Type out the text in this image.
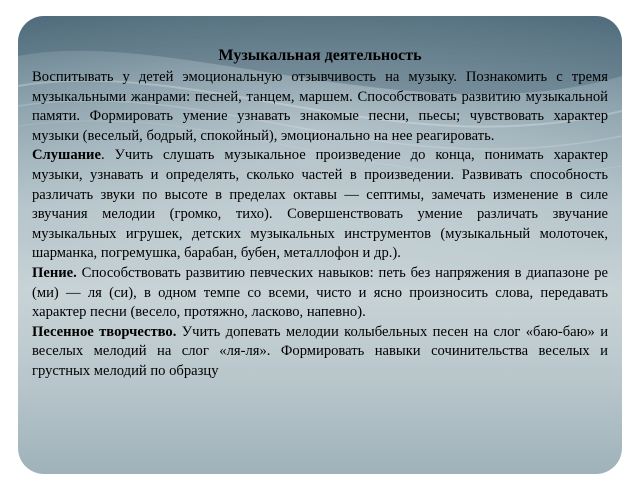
Музыкальная деятельность

Воспитывать у детей эмоциональную отзывчивость на музыку. Познакомить с тремя музыкальными жанрами: песней, танцем, маршем. Способствовать развитию музыкальной памяти. Формировать умение узнавать знакомые песни, пьесы; чувствовать характер музыки (веселый, бодрый, спокойный), эмоционально на нее реагировать.

Слушание. Учить слушать музыкальное произведение до конца, понимать характер музыки, узнавать и определять, сколько частей в произведении. Развивать способность различать звуки по высоте в пределах октавы — септимы, замечать изменение в силе звучания мелодии (громко, тихо). Совершенствовать умение различать звучание музыкальных игрушек, детских музыкальных инструментов (музыкальный молоточек, шарманка, погремушка, барабан, бубен, металлофон и др.).

Пение. Способствовать развитию певческих навыков: петь без напряжения в диапазоне ре (ми) — ля (си), в одном темпе со всеми, чисто и ясно произносить слова, передавать характер песни (весело, протяжно, ласково, напевно).

Песенное творчество. Учить допевать мелодии колыбельных песен на слог «баю-баю» и веселых мелодий на слог «ля-ля». Формировать навыки сочинительства веселых и грустных мелодий по образцу
